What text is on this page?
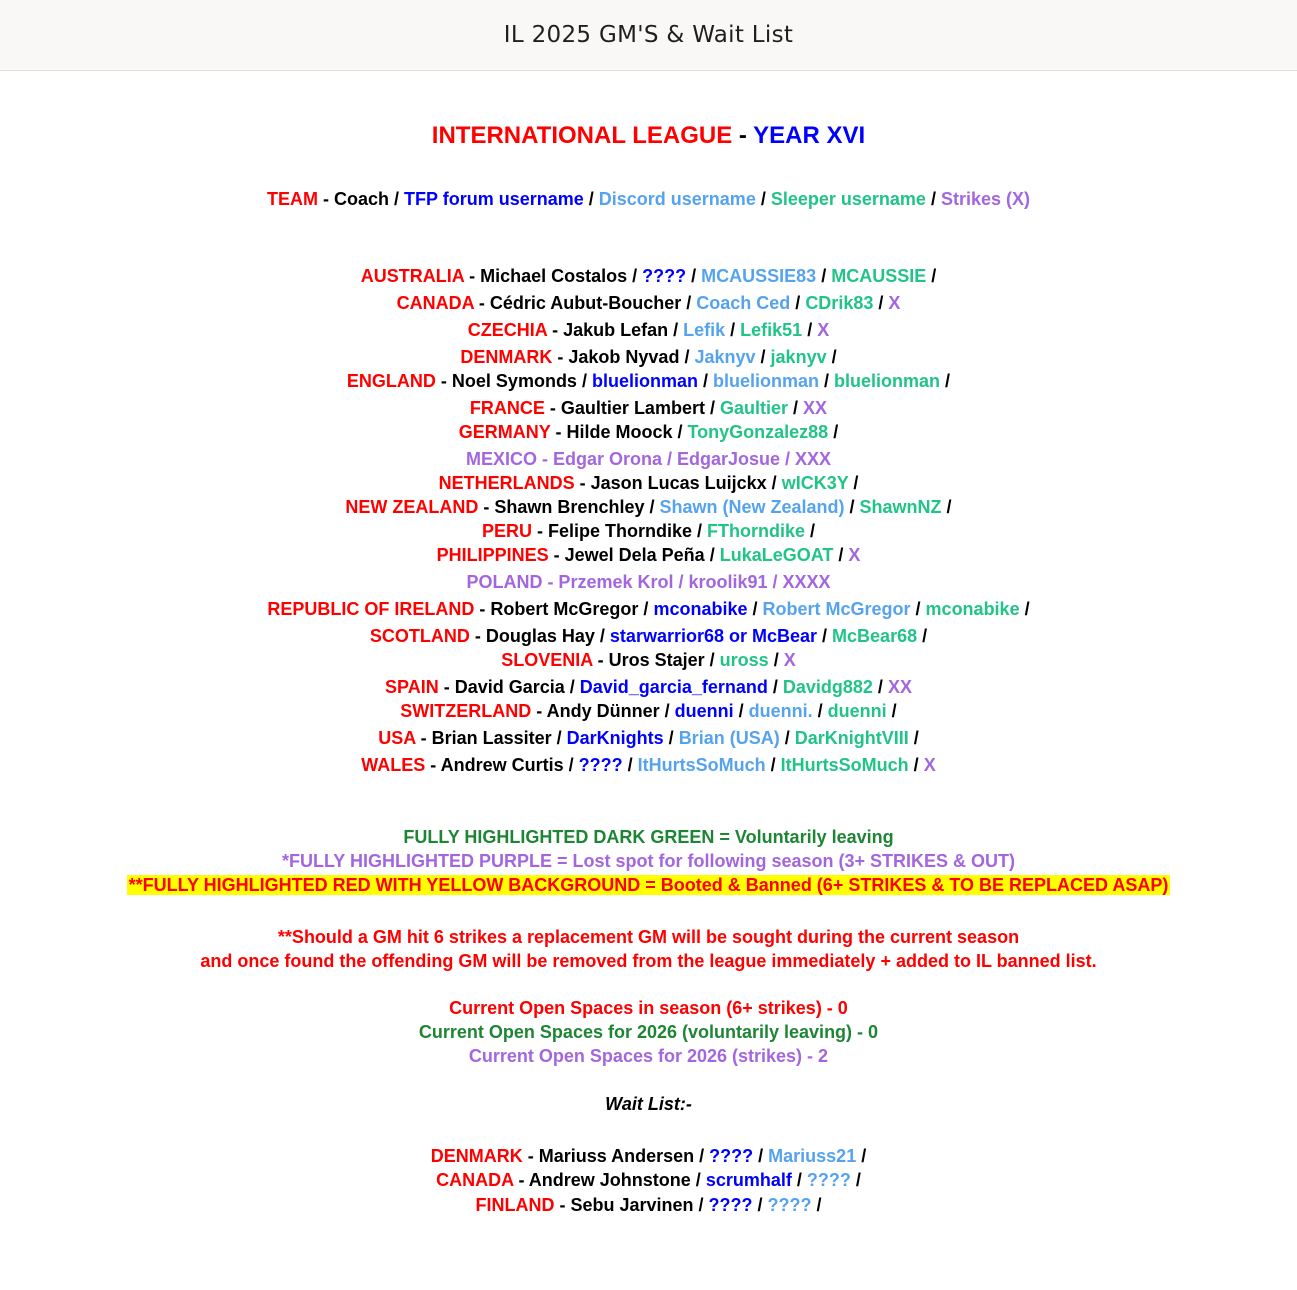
IL 2025 GM'S & Wait List
INTERNATIONAL LEAGUE - YEAR XVI
TEAM - Coach / TFP forum username / Discord username / Sleeper username / Strikes (X)
AUSTRALIA - Michael Costalos / ???? / MCAUSSIE83 / MCAUSSIE /
CANADA - Cédric Aubut-Boucher / Coach Ced / CDrik83 / X
CZECHIA - Jakub Lefan / Lefik / Lefik51 / X
DENMARK - Jakob Nyvad / Jaknyv / jaknyv /
ENGLAND - Noel Symonds / bluelionman / bluelionman / bluelionman /
FRANCE - Gaultier Lambert / Gaultier / XX
GERMANY - Hilde Moock / TonyGonzalez88 /
MEXICO - Edgar Orona / EdgarJosue / XXX
NETHERLANDS - Jason Lucas Luijckx / wICK3Y /
NEW ZEALAND - Shawn Brenchley / Shawn (New Zealand) / ShawnNZ /
PERU - Felipe Thorndike / FThorndike /
PHILIPPINES - Jewel Dela Peña / LukaLeGOAT / X
POLAND - Przemek Krol / kroolik91 / XXXX
REPUBLIC OF IRELAND - Robert McGregor / mconabike / Robert McGregor / mconabike /
SCOTLAND - Douglas Hay / starwarrior68 or McBear / McBear68 /
SLOVENIA - Uros Stajer / uross / X
SPAIN - David Garcia / David_garcia_fernand / Davidg882 / XX
SWITZERLAND - Andy Dünner / duenni / duenni. / duenni /
USA - Brian Lassiter / DarKnights / Brian (USA) / DarKnightVIII /
WALES - Andrew Curtis / ???? / ItHurtsSoMuch / ItHurtsSoMuch / X
FULLY HIGHLIGHTED DARK GREEN = Voluntarily leaving
*FULLY HIGHLIGHTED PURPLE = Lost spot for following season (3+ STRIKES & OUT)
**FULLY HIGHLIGHTED RED WITH YELLOW BACKGROUND = Booted & Banned (6+ STRIKES & TO BE REPLACED ASAP)
**Should a GM hit 6 strikes a replacement GM will be sought during the current season
and once found the offending GM will be removed from the league immediately + added to IL banned list.
Current Open Spaces in season (6+ strikes) - 0
Current Open Spaces for 2026 (voluntarily leaving) - 0
Current Open Spaces for 2026 (strikes) - 2
Wait List:-
DENMARK - Mariuss Andersen / ???? / Mariuss21 /
CANADA - Andrew Johnstone / scrumhalf / ???? /
FINLAND - Sebu Jarvinen / ???? / ???? /
